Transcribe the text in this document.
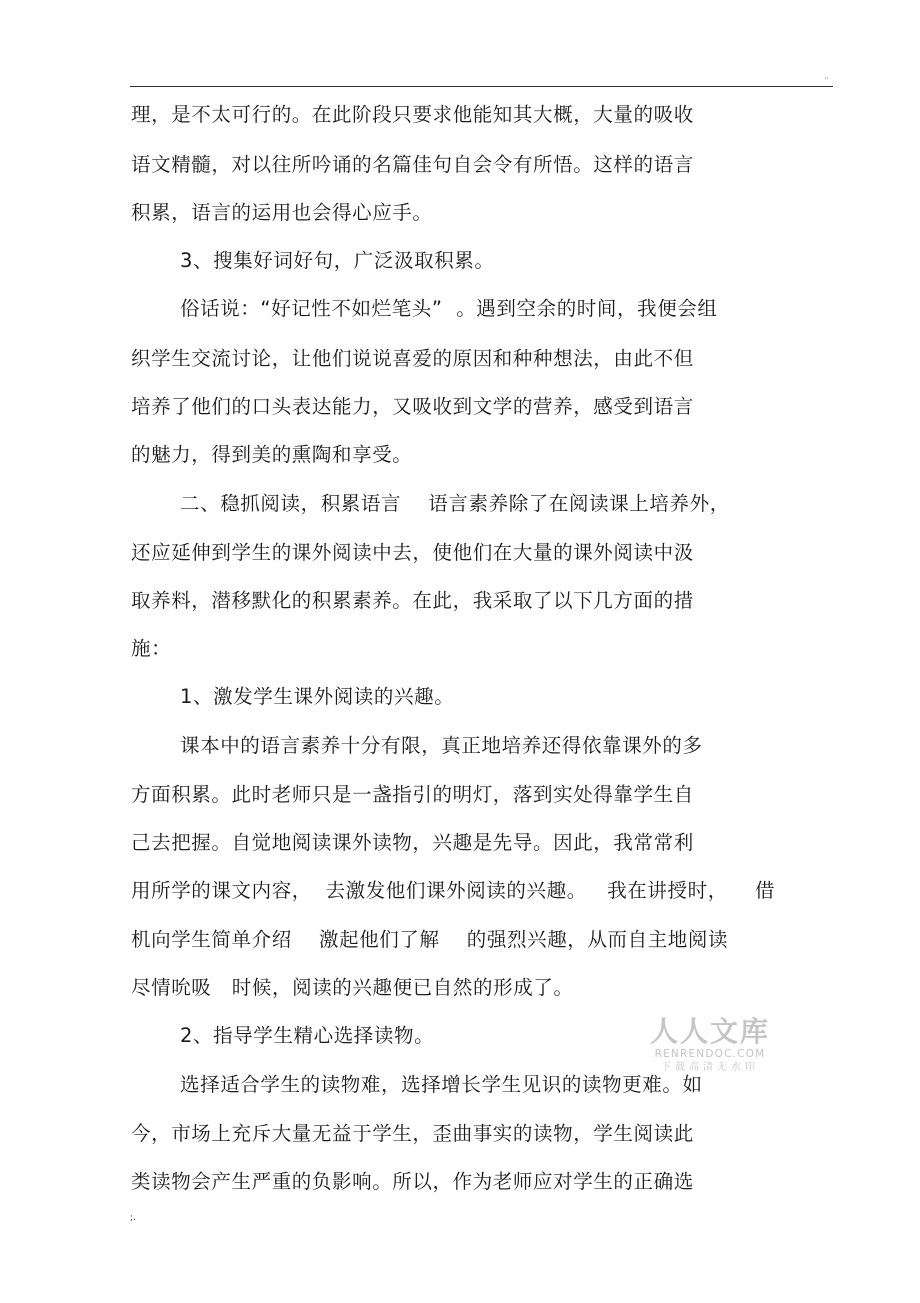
··
理，是不太可行的。在此阶段只要求他能知其大概，大量的吸收
语文精髓，对以往所吟诵的名篇佳句自会令有所悟。这样的语言
积累，语言的运用也会得心应手。
3、搜集好词好句，广泛汲取积累。
俗话说：“好记性不如烂笔头”  。遇到空余的时间，我便会组
织学生交流讨论，让他们说说喜爱的原因和种种想法，由此不但
培养了他们的口头表达能力，又吸收到文学的营养，感受到语言
的魅力，得到美的熏陶和享受。
二、稳抓阅读，积累语言    语言素养除了在阅读课上培养外，
还应延伸到学生的课外阅读中去，使他们在大量的课外阅读中汲
取养料，潜移默化的积累素养。在此，我采取了以下几方面的措
施：
1、激发学生课外阅读的兴趣。
课本中的语言素养十分有限，真正地培养还得依靠课外的多
方面积累。此时老师只是一盏指引的明灯，落到实处得靠学生自
己去把握。自觉地阅读课外读物，兴趣是先导。因此，我常常利
用所学的课文内容，  去激发他们课外阅读的兴趣。   我在讲授时，    借
机向学生简单介绍    激起他们了解    的强烈兴趣，从而自主地阅读
尽情吮吸   时候，阅读的兴趣便已自然的形成了。
2、指导学生精心选择读物。
选择适合学生的读物难，选择增长学生见识的读物更难。如
今，市场上充斥大量无益于学生，歪曲事实的读物，学生阅读此
类读物会产生严重的负影响。所以，作为老师应对学生的正确选
人人文库
RENRENDOC.COM
下载高清无水印
;.
